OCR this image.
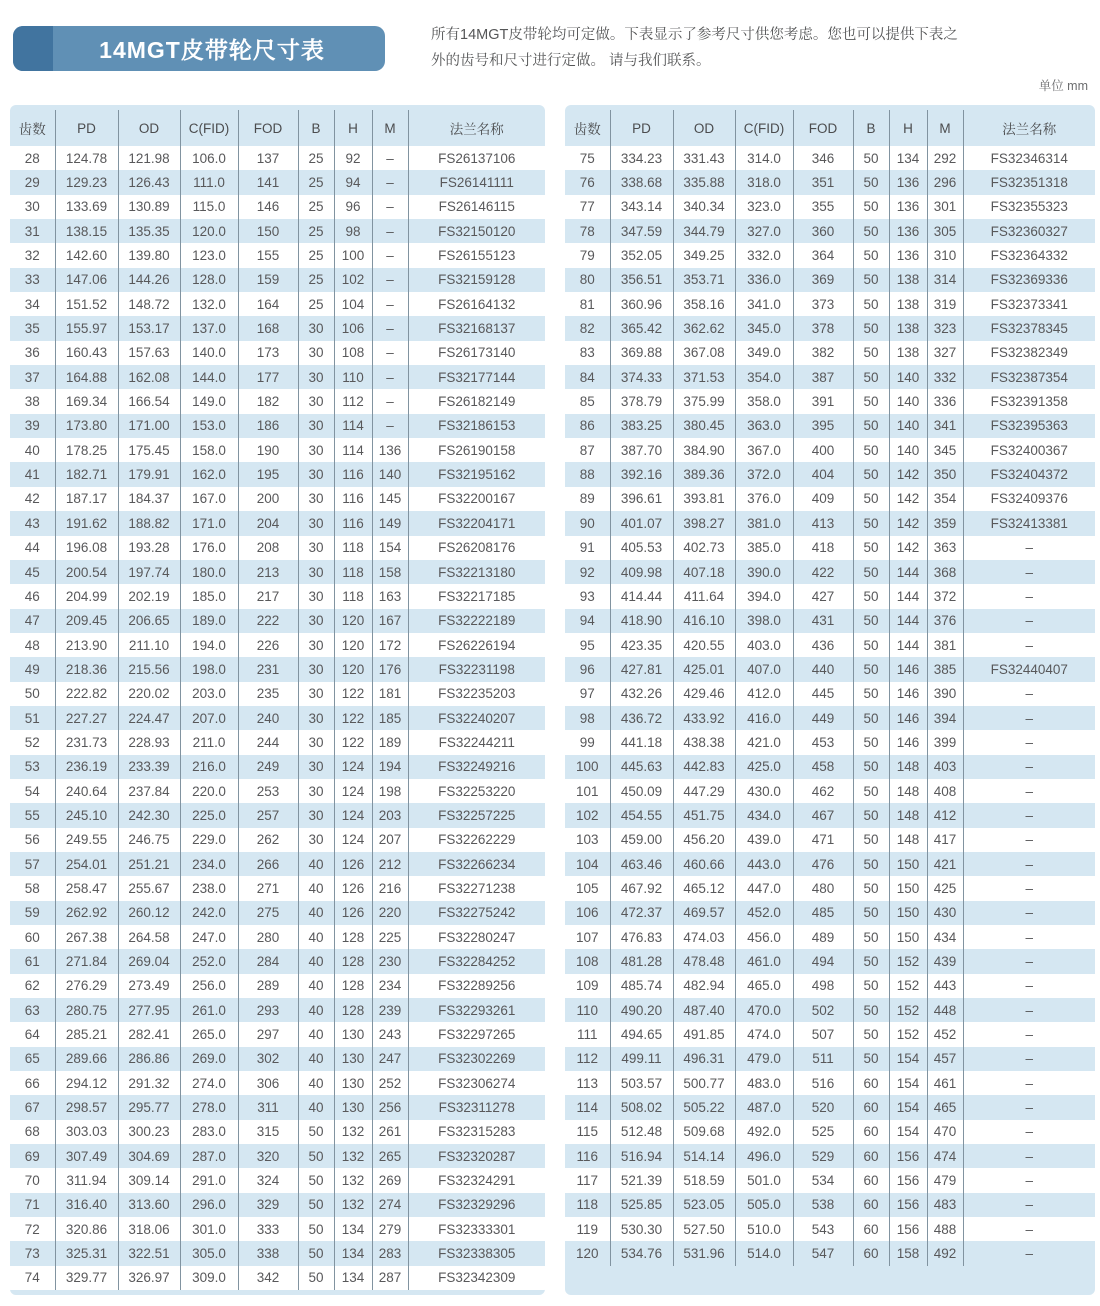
14MGT皮带轮尺寸表
所有14MGT皮带轮均可定做。下表显示了参考尺寸供您考虑。您也可以提供下表之
外的齿号和尺寸进行定做。 请与我们联系。
单位 mm
齿数	PD	OD	C(FID)	FOD	B	H	M	法兰名称
28	124.78	121.98	106.0	137	25	92	–	FS26137106
29	129.23	126.43	111.0	141	25	94	–	FS26141111
30	133.69	130.89	115.0	146	25	96	–	FS26146115
31	138.15	135.35	120.0	150	25	98	–	FS32150120
32	142.60	139.80	123.0	155	25	100	–	FS26155123
33	147.06	144.26	128.0	159	25	102	–	FS32159128
34	151.52	148.72	132.0	164	25	104	–	FS26164132
35	155.97	153.17	137.0	168	30	106	–	FS32168137
36	160.43	157.63	140.0	173	30	108	–	FS26173140
37	164.88	162.08	144.0	177	30	110	–	FS32177144
38	169.34	166.54	149.0	182	30	112	–	FS26182149
39	173.80	171.00	153.0	186	30	114	–	FS32186153
40	178.25	175.45	158.0	190	30	114	136	FS26190158
41	182.71	179.91	162.0	195	30	116	140	FS32195162
42	187.17	184.37	167.0	200	30	116	145	FS32200167
43	191.62	188.82	171.0	204	30	116	149	FS32204171
44	196.08	193.28	176.0	208	30	118	154	FS26208176
45	200.54	197.74	180.0	213	30	118	158	FS32213180
46	204.99	202.19	185.0	217	30	118	163	FS32217185
47	209.45	206.65	189.0	222	30	120	167	FS32222189
48	213.90	211.10	194.0	226	30	120	172	FS26226194
49	218.36	215.56	198.0	231	30	120	176	FS32231198
50	222.82	220.02	203.0	235	30	122	181	FS32235203
51	227.27	224.47	207.0	240	30	122	185	FS32240207
52	231.73	228.93	211.0	244	30	122	189	FS32244211
53	236.19	233.39	216.0	249	30	124	194	FS32249216
54	240.64	237.84	220.0	253	30	124	198	FS32253220
55	245.10	242.30	225.0	257	30	124	203	FS32257225
56	249.55	246.75	229.0	262	30	124	207	FS32262229
57	254.01	251.21	234.0	266	40	126	212	FS32266234
58	258.47	255.67	238.0	271	40	126	216	FS32271238
59	262.92	260.12	242.0	275	40	126	220	FS32275242
60	267.38	264.58	247.0	280	40	128	225	FS32280247
61	271.84	269.04	252.0	284	40	128	230	FS32284252
62	276.29	273.49	256.0	289	40	128	234	FS32289256
63	280.75	277.95	261.0	293	40	128	239	FS32293261
64	285.21	282.41	265.0	297	40	130	243	FS32297265
65	289.66	286.86	269.0	302	40	130	247	FS32302269
66	294.12	291.32	274.0	306	40	130	252	FS32306274
67	298.57	295.77	278.0	311	40	130	256	FS32311278
68	303.03	300.23	283.0	315	50	132	261	FS32315283
69	307.49	304.69	287.0	320	50	132	265	FS32320287
70	311.94	309.14	291.0	324	50	132	269	FS32324291
71	316.40	313.60	296.0	329	50	132	274	FS32329296
72	320.86	318.06	301.0	333	50	134	279	FS32333301
73	325.31	322.51	305.0	338	50	134	283	FS32338305
74	329.77	326.97	309.0	342	50	134	287	FS32342309
齿数	PD	OD	C(FID)	FOD	B	H	M	法兰名称
75	334.23	331.43	314.0	346	50	134	292	FS32346314
76	338.68	335.88	318.0	351	50	136	296	FS32351318
77	343.14	340.34	323.0	355	50	136	301	FS32355323
78	347.59	344.79	327.0	360	50	136	305	FS32360327
79	352.05	349.25	332.0	364	50	136	310	FS32364332
80	356.51	353.71	336.0	369	50	138	314	FS32369336
81	360.96	358.16	341.0	373	50	138	319	FS32373341
82	365.42	362.62	345.0	378	50	138	323	FS32378345
83	369.88	367.08	349.0	382	50	138	327	FS32382349
84	374.33	371.53	354.0	387	50	140	332	FS32387354
85	378.79	375.99	358.0	391	50	140	336	FS32391358
86	383.25	380.45	363.0	395	50	140	341	FS32395363
87	387.70	384.90	367.0	400	50	140	345	FS32400367
88	392.16	389.36	372.0	404	50	142	350	FS32404372
89	396.61	393.81	376.0	409	50	142	354	FS32409376
90	401.07	398.27	381.0	413	50	142	359	FS32413381
91	405.53	402.73	385.0	418	50	142	363	–
92	409.98	407.18	390.0	422	50	144	368	–
93	414.44	411.64	394.0	427	50	144	372	–
94	418.90	416.10	398.0	431	50	144	376	–
95	423.35	420.55	403.0	436	50	144	381	–
96	427.81	425.01	407.0	440	50	146	385	FS32440407
97	432.26	429.46	412.0	445	50	146	390	–
98	436.72	433.92	416.0	449	50	146	394	–
99	441.18	438.38	421.0	453	50	146	399	–
100	445.63	442.83	425.0	458	50	148	403	–
101	450.09	447.29	430.0	462	50	148	408	–
102	454.55	451.75	434.0	467	50	148	412	–
103	459.00	456.20	439.0	471	50	148	417	–
104	463.46	460.66	443.0	476	50	150	421	–
105	467.92	465.12	447.0	480	50	150	425	–
106	472.37	469.57	452.0	485	50	150	430	–
107	476.83	474.03	456.0	489	50	150	434	–
108	481.28	478.48	461.0	494	50	152	439	–
109	485.74	482.94	465.0	498	50	152	443	–
110	490.20	487.40	470.0	502	50	152	448	–
111	494.65	491.85	474.0	507	50	152	452	–
112	499.11	496.31	479.0	511	50	154	457	–
113	503.57	500.77	483.0	516	60	154	461	–
114	508.02	505.22	487.0	520	60	154	465	–
115	512.48	509.68	492.0	525	60	154	470	–
116	516.94	514.14	496.0	529	60	156	474	–
117	521.39	518.59	501.0	534	60	156	479	–
118	525.85	523.05	505.0	538	60	156	483	–
119	530.30	527.50	510.0	543	60	156	488	–
120	534.76	531.96	514.0	547	60	158	492	–
